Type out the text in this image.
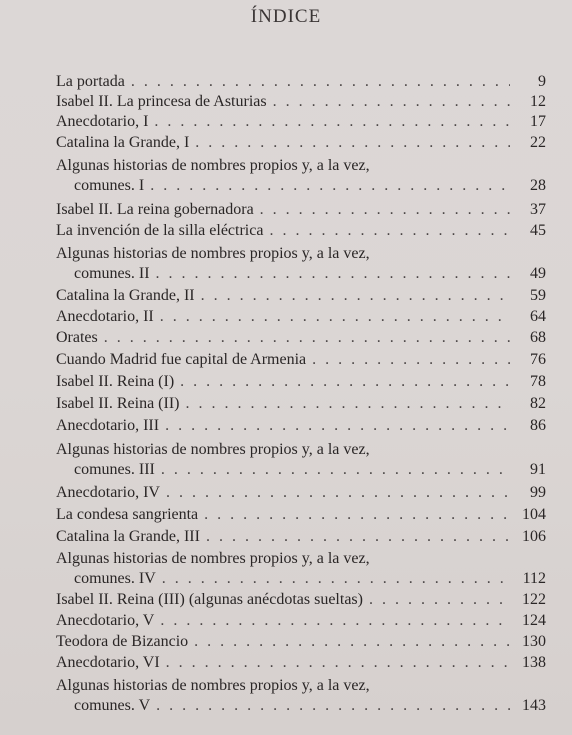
ÍNDICE
La portada . . .	9
Isabel II. La princesa de Asturias . . .	12
Anecdotario, I . . .	17
Catalina la Grande, I . . .	22
Algunas historias de nombres propios y, a la vez,
comunes. I . . .	28
Isabel II. La reina gobernadora . . .	37
La invención de la silla eléctrica . . .	45
Algunas historias de nombres propios y, a la vez,
comunes. II . . .	49
Catalina la Grande, II . . .	59
Anecdotario, II . . .	64
Orates . . .	68
Cuando Madrid fue capital de Armenia . . .	76
Isabel II. Reina (I) . . .	78
Isabel II. Reina (II) . . .	82
Anecdotario, III . . .	86
Algunas historias de nombres propios y, a la vez,
comunes. III . . .	91
Anecdotario, IV . . .	99
La condesa sangrienta . . .	104
Catalina la Grande, III . . .	106
Algunas historias de nombres propios y, a la vez,
comunes. IV . . .	112
Isabel II. Reina (III) (algunas anécdotas sueltas) . . .	122
Anecdotario, V . . .	124
Teodora de Bizancio . . .	130
Anecdotario, VI . . .	138
Algunas historias de nombres propios y, a la vez,
comunes. V . . .	143
